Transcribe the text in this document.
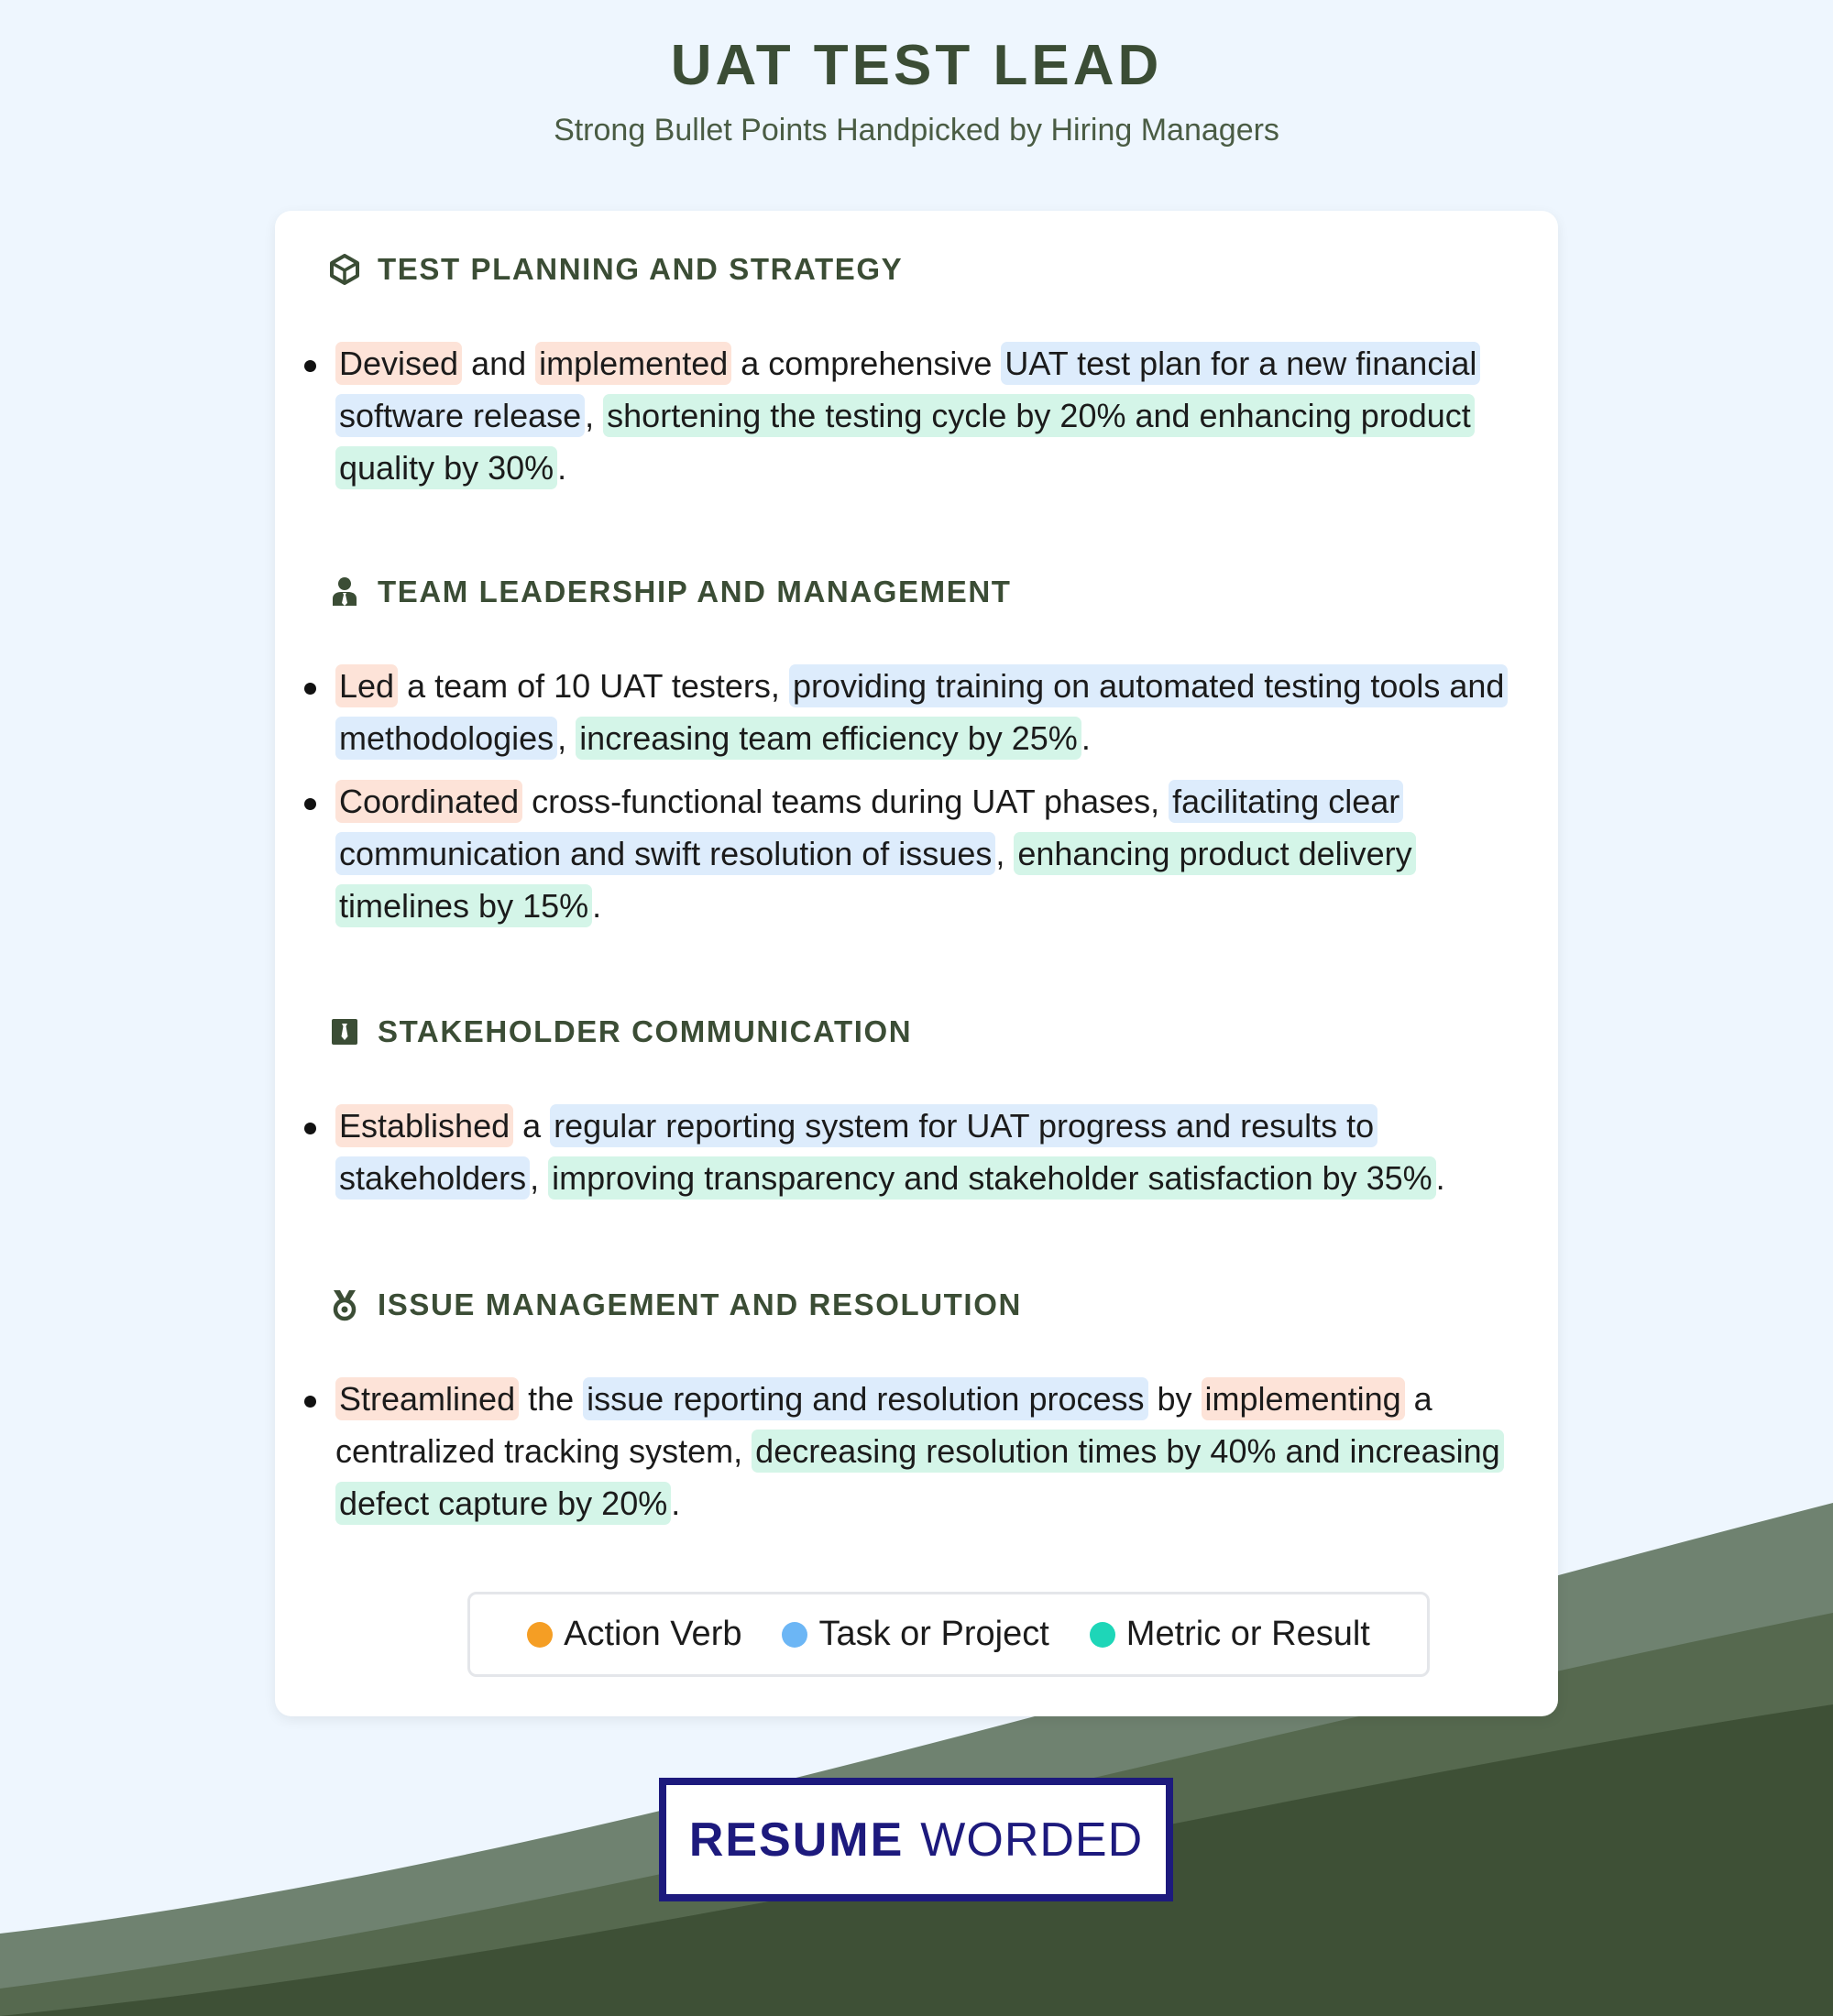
UAT TEST LEAD
Strong Bullet Points Handpicked by Hiring Managers
TEST PLANNING AND STRATEGY
Devised and implemented a comprehensive UAT test plan for a new financial software release , shortening the testing cycle by 20% and enhancing product quality by 30% .
TEAM LEADERSHIP AND MANAGEMENT
Led a team of 10 UAT testers, providing training on automated testing tools and methodologies , increasing team efficiency by 25% .
Coordinated cross-functional teams during UAT phases, facilitating clear communication and swift resolution of issues , enhancing product delivery timelines by 15% .
STAKEHOLDER COMMUNICATION
Established a regular reporting system for UAT progress and results to stakeholders , improving transparency and stakeholder satisfaction by 35% .
ISSUE MANAGEMENT AND RESOLUTION
Streamlined the issue reporting and resolution process by implementing a centralized tracking system, decreasing resolution times by 40% and increasing defect capture by 20% .
Action Verb Task or Project Metric or Result
RESUME WORDED
